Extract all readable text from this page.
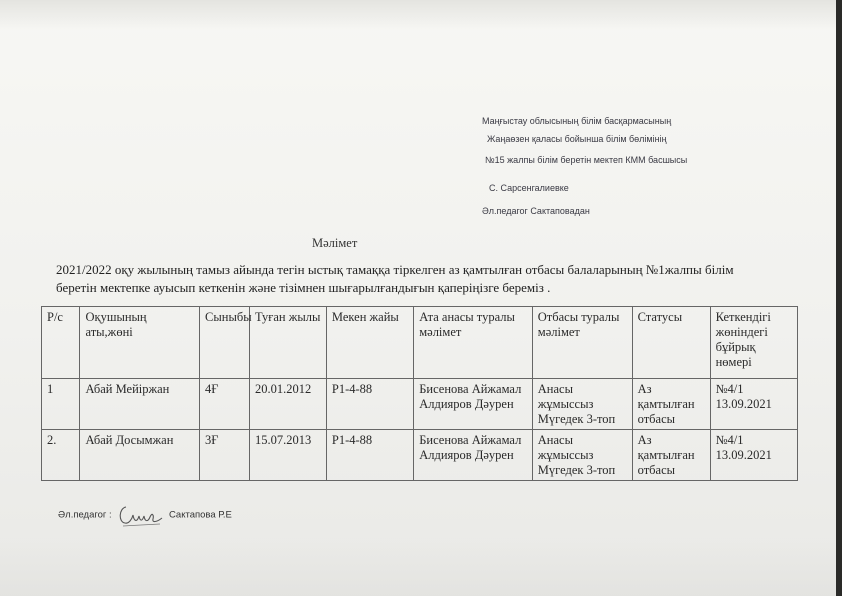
Маңғыстау облысының білім басқармасының
Жаңаөзен қаласы бойынша білім бөлімінің
№15 жалпы білім беретін мектеп КММ басшысы
С. Сарсенгалиевке
Әл.педагог Сактаповадан
Мәлімет
2021/2022 оқу жылының тамыз айында тегін ыстық тамаққа тіркелген аз қамтылған отбасы балаларының №1жалпы білім беретін мектепке ауысып кеткенін және тізімнен шығарылғандығын қаперіңізге береміз .
Р/с	Оқушының аты,жөні	Сыныбы	Туған жылы	Мекен жайы	Ата анасы туралы мәлімет	Отбасы туралы мәлімет	Статусы	Кеткендігі жөніндегі бұйрық нөмері
1	Абай Мейіржан	4Ғ	20.01.2012	Р1-4-88	Бисенова Айжамал Алдияров Дәурен	Анасы жұмыссыз Мүгедек 3-топ	Аз қамтылған отбасы	№4/1 13.09.2021
2.	Абай Досымжан	3Ғ	15.07.2013	Р1-4-88	Бисенова Айжамал Алдияров Дәурен	Анасы жұмыссыз Мүгедек 3-топ	Аз қамтылған отбасы	№4/1 13.09.2021
Әл.педагог :	Сактапова Р.Е
